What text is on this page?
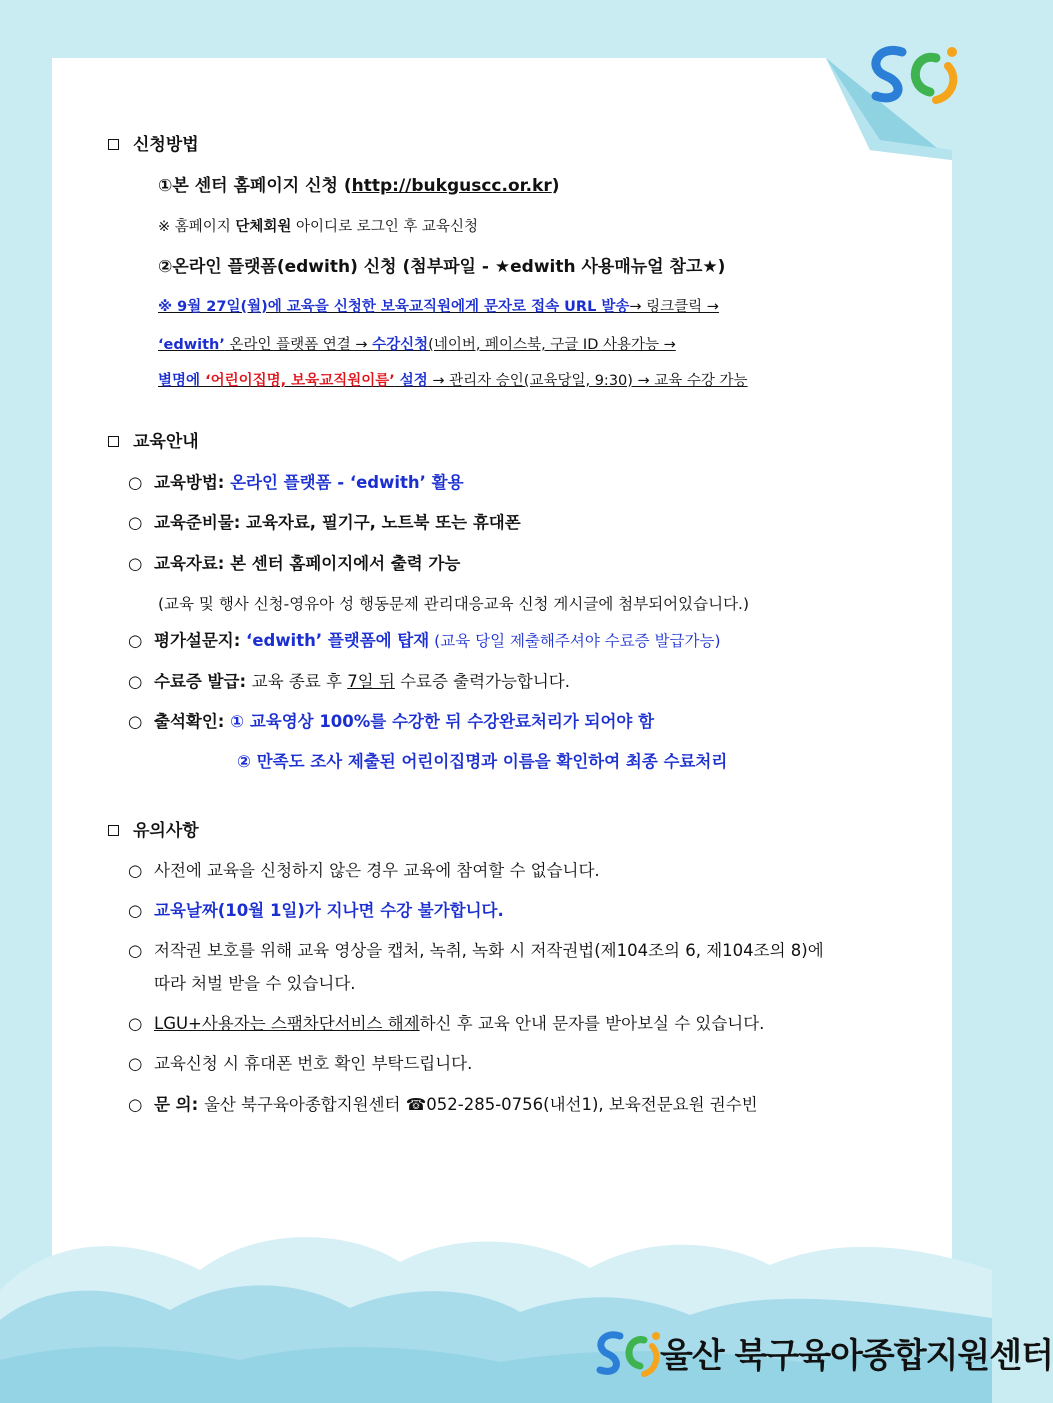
신청방법
①본 센터 홈페이지 신청 (http://bukguscc.or.kr)
※ 홈페이지 단체회원 아이디로 로그인 후 교육신청
②온라인 플랫폼(edwith) 신청 (첨부파일 - ★edwith 사용매뉴얼 참고★)
※ 9월 27일(월)에 교육을 신청한 보육교직원에게 문자로 접속 URL 발송→ 링크클릭 →
‘edwith’ 온라인 플랫폼 연결 → 수강신청(네이버, 페이스북, 구글 ID 사용가능 →
별명에 ‘어린이집명, 보육교직원이름’ 설정 → 관리자 승인(교육당일, 9:30) → 교육 수강 가능
교육안내
○ 교육방법: 온라인 플랫폼 - ‘edwith’ 활용
○ 교육준비물: 교육자료, 필기구, 노트북 또는 휴대폰
○ 교육자료: 본 센터 홈페이지에서 출력 가능
(교육 및 행사 신청-영유아 성 행동문제 관리대응교육 신청 게시글에 첨부되어있습니다.)
○ 평가설문지: ‘edwith’ 플랫폼에 탑재 (교육 당일 제출해주셔야 수료증 발급가능)
○ 수료증 발급: 교육 종료 후 7일 뒤 수료증 출력가능합니다.
○ 출석확인: ① 교육영상 100%를 수강한 뒤 수강완료처리가 되어야 함
② 만족도 조사 제출된 어린이집명과 이름을 확인하여 최종 수료처리
유의사항
○ 사전에 교육을 신청하지 않은 경우 교육에 참여할 수 없습니다.
○ 교육날짜(10월 1일)가 지나면 수강 불가합니다.
○ 저작권 보호를 위해 교육 영상을 캡처, 녹취, 녹화 시 저작권법(제104조의 6, 제104조의 8)에
따라 처벌 받을 수 있습니다.
○ LGU+사용자는 스팸차단서비스 해제하신 후 교육 안내 문자를 받아보실 수 있습니다.
○ 교육신청 시 휴대폰 번호 확인 부탁드립니다.
○ 문 의: 울산 북구육아종합지원센터 ☎052-285-0756(내선1), 보육전문요원 권수빈
울산 북구육아종합지원센터
